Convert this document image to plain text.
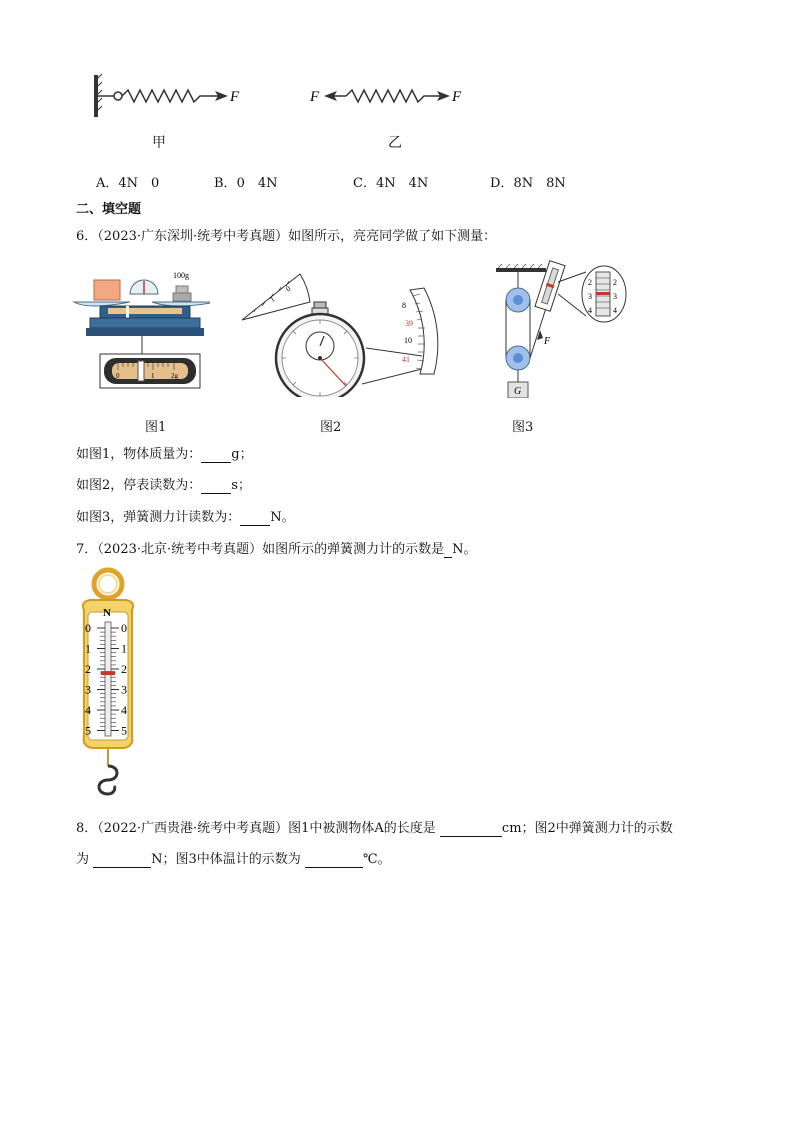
F	F	F
甲	乙
A．4N　0	B．0　4N	C．4N　4N	D．8N　8N
二、填空题
6．（2023·广东深圳·统考中考真题）如图所示，亮亮同学做了如下测量：
100g
0	1 2g
0
1
8
39
10
41
G
F
2
3
4
2
3
4
图1	图2	图3
如图1，物体质量为： g；
如图2，停表读数为： s；
如图3，弹簧测力计读数为： N。
7．（2023·北京·统考中考真题）如图所示的弹簧测力计的示数是 N。
N
0	0
1	1
2	2
3	3
4	4
5	5
8．（2022·广西贵港·统考中考真题）图1中被测物体A的长度是	cm；图2中弹簧测力计的示数
为	N；图3中体温计的示数为	℃。
